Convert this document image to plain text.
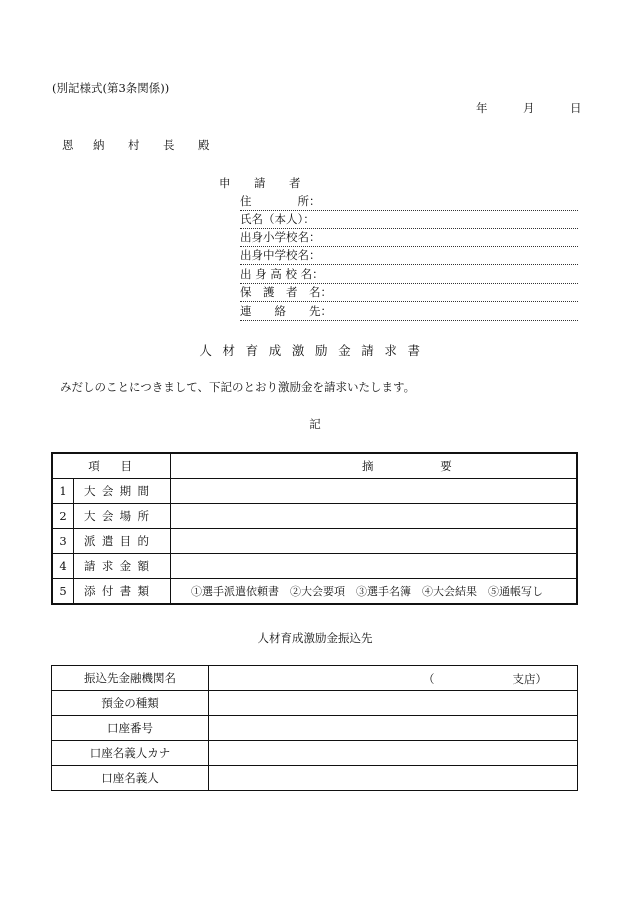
(別記様式(第3条関係))
年	月	日
恩 納 村 長 殿
申 請 者
住　　　　所：
氏名（本人）：
出身小学校名：
出身中学校名：
出 身 高 校 名：
保　護　者　名：
連　　絡　　先：
人材育成激励金請求書
みだしのことにつきまして、下記のとおり激励金を請求いたします。
記
項目		摘 要
1	大会期間	
2	大会場所	
3	派遣目的	
4	請求金額	
5	添付書類	①選手派遣依頼書　②大会要項　③選手名簿　④大会結果　⑤通帳写し
人材育成激励金振込先
振込先金融機関名	（ 支店）

預金の種類	
口座番号	
口座名義人カナ	
口座名義人	
